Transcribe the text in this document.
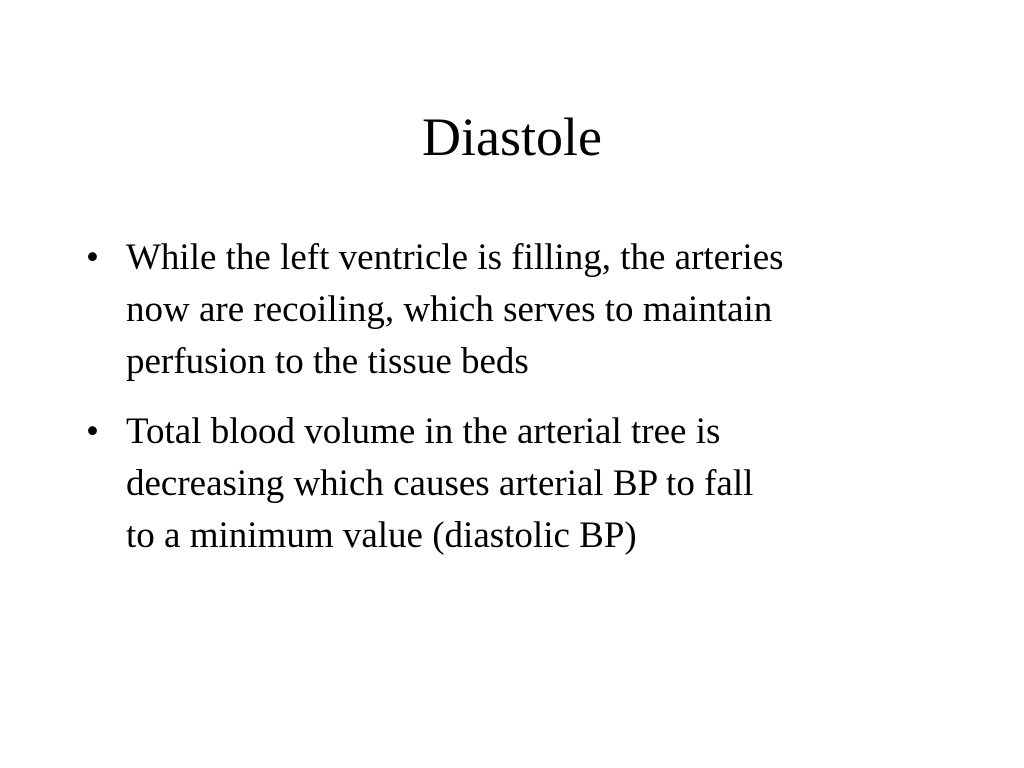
Diastole
• While the left ventricle is filling, the arteries
now are recoiling, which serves to maintain
perfusion to the tissue beds
• Total blood volume in the arterial tree is
decreasing which causes arterial BP to fall
to a minimum value (diastolic BP)
